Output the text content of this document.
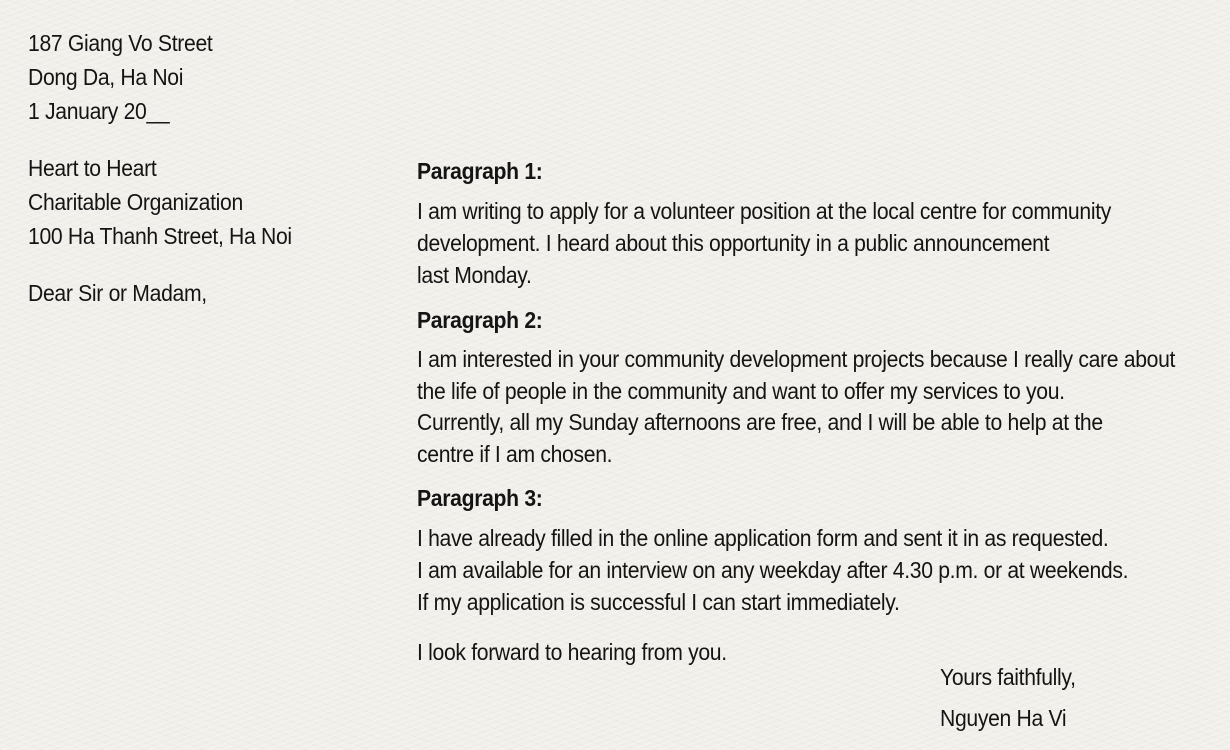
187 Giang Vo Street
Dong Da, Ha Noi
1 January 20__
Heart to Heart
Charitable Organization
100 Ha Thanh Street, Ha Noi
Dear Sir or Madam,
Paragraph 1:
I am writing to apply for a volunteer position at the local centre for community
development. I heard about this opportunity in a public announcement
last Monday.
Paragraph 2:
I am interested in your community development projects because I really care about
the life of people in the community and want to offer my services to you.
Currently, all my Sunday afternoons are free, and I will be able to help at the
centre if I am chosen.
Paragraph 3:
I have already filled in the online application form and sent it in as requested.
I am available for an interview on any weekday after 4.30 p.m. or at weekends.
If my application is successful I can start immediately.
I look forward to hearing from you.
Yours faithfully,
Nguyen Ha Vi
